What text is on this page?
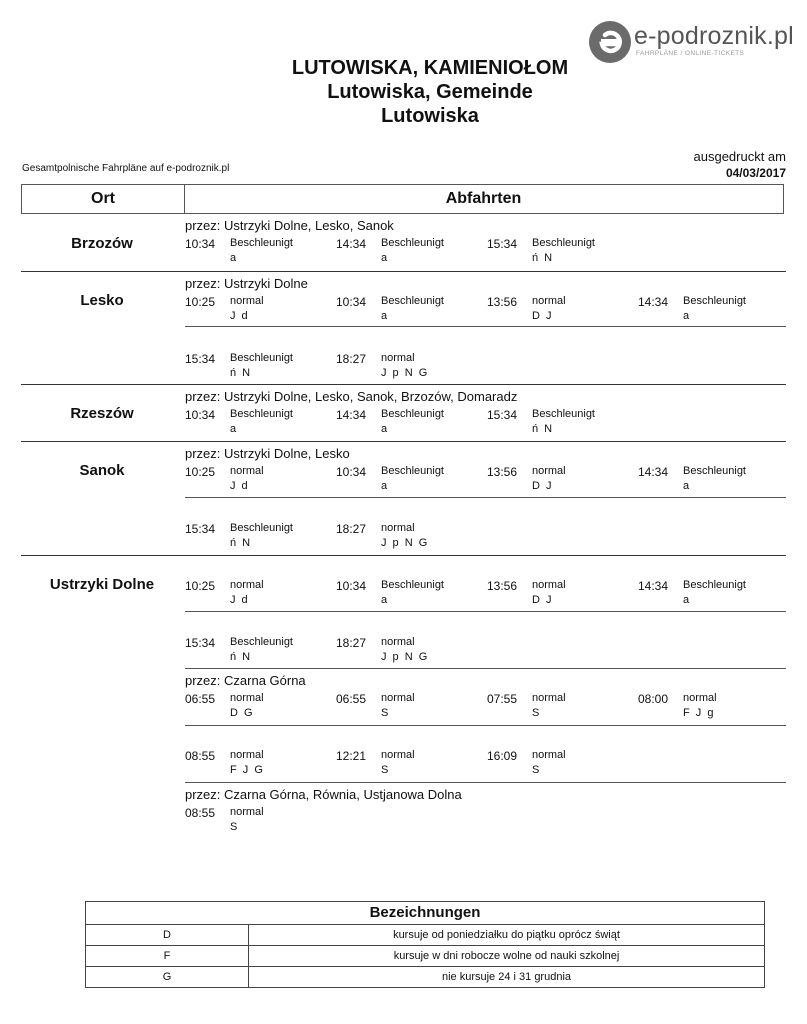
e-podroznik.pl
FAHRPLÄNE / ONLINE-TICKETS
LUTOWISKA, KAMIENIOŁOM
Lutowiska, Gemeinde
Lutowiska
Gesamtpolnische Fahrpläne auf e-podroznik.pl
ausgedruckt am
04/03/2017
Ort	Abfahrten
Brzozów
przez: Ustrzyki Dolne, Lesko, Sanok
10:34 Beschleunigt
a
14:34 Beschleunigt
a
15:34 Beschleunigt
ń N
Lesko
przez: Ustrzyki Dolne
10:25 normal
J d
10:34 Beschleunigt
a
13:56 normal
D J
14:34 Beschleunigt
a
15:34 Beschleunigt
ń N
18:27 normal
J p N G
Rzeszów
przez: Ustrzyki Dolne, Lesko, Sanok, Brzozów, Domaradz
10:34 Beschleunigt
a
14:34 Beschleunigt
a
15:34 Beschleunigt
ń N
Sanok
przez: Ustrzyki Dolne, Lesko
10:25 normal
J d
10:34 Beschleunigt
a
13:56 normal
D J
14:34 Beschleunigt
a
15:34 Beschleunigt
ń N
18:27 normal
J p N G
Ustrzyki Dolne	10:25 normal
J d
10:34 Beschleunigt
a
13:56 normal
D J
14:34 Beschleunigt
a
15:34 Beschleunigt
ń N
18:27 normal
J p N G
przez: Czarna Górna
06:55 normal
D G
06:55 normal
S
07:55 normal
S
08:00 normal
F J g
08:55 normal
F J G
12:21 normal
S
16:09 normal
S
przez: Czarna Górna, Równia, Ustjanowa Dolna
08:55 normal
S
Bezeichnungen
D	kursuje od poniedziałku do piątku oprócz świąt
F	kursuje w dni robocze wolne od nauki szkolnej
G	nie kursuje 24 i 31 grudnia
